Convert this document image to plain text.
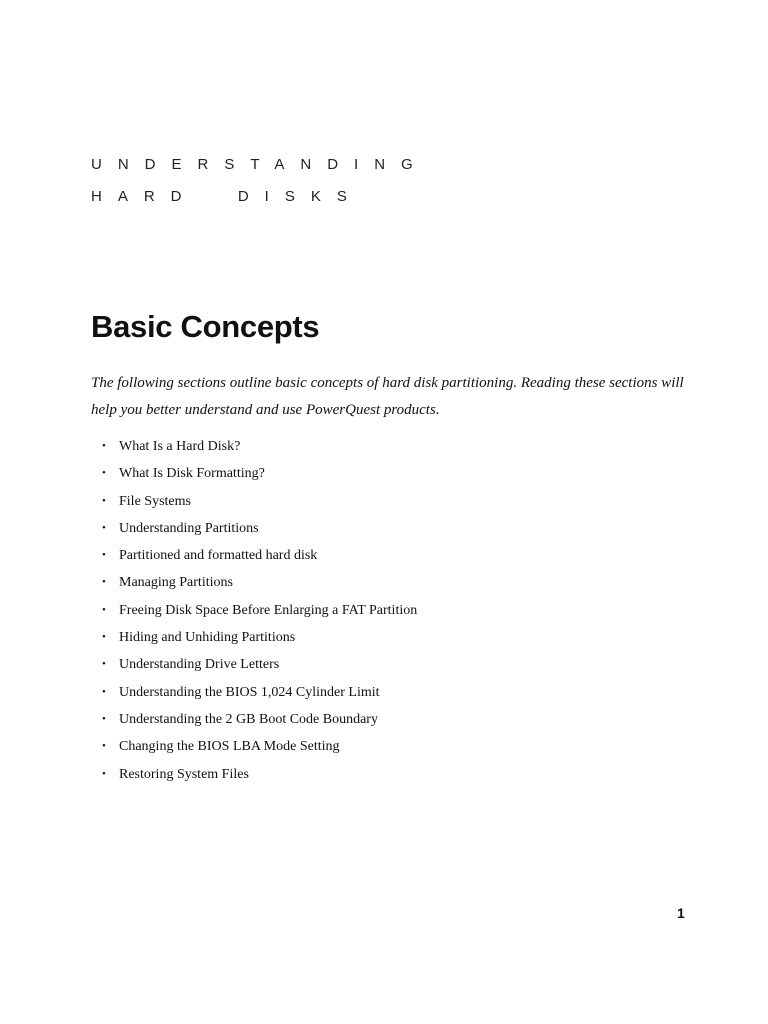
UNDERSTANDING

HARD  DISKS

Basic Concepts

The following sections outline basic concepts of hard disk partitioning. Reading these sections will help you better understand and use PowerQuest products.

• What Is a Hard Disk?
• What Is Disk Formatting?
• File Systems
• Understanding Partitions
• Partitioned and formatted hard disk
• Managing Partitions
• Freeing Disk Space Before Enlarging a FAT Partition
• Hiding and Unhiding Partitions
• Understanding Drive Letters
• Understanding the BIOS 1,024 Cylinder Limit
• Understanding the 2 GB Boot Code Boundary
• Changing the BIOS LBA Mode Setting
• Restoring System Files

1
